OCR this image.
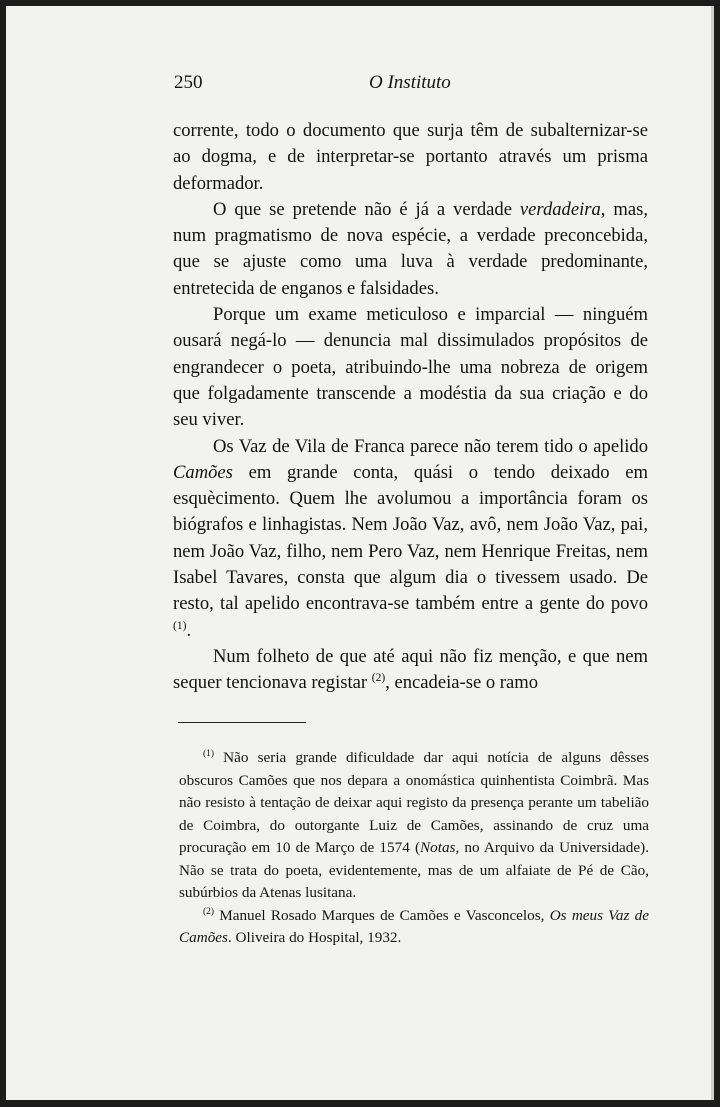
250	O Instituto

corrente, todo o documento que surja têm de subalternizar-se ao dogma, e de interpretar-se portanto através um prisma deformador.

O que se pretende não é já a verdade verdadeira, mas, num pragmatismo de nova espécie, a verdade preconcebida, que se ajuste como uma luva à verdade predominante, entretecida de enganos e falsidades.

Porque um exame meticuloso e imparcial — ninguém ousará negá-lo — denuncia mal dissimulados propósitos de engrandecer o poeta, atribuindo-lhe uma nobreza de origem que folgadamente transcende a modéstia da sua criação e do seu viver.

Os Vaz de Vila de Franca parece não terem tido o apelido Camões em grande conta, quási o tendo deixado em esquècimento. Quem lhe avolumou a importância foram os biógrafos e linhagistas. Nem João Vaz, avô, nem João Vaz, pai, nem João Vaz, filho, nem Pero Vaz, nem Henrique Freitas, nem Isabel Tavares, consta que algum dia o tivessem usado. De resto, tal apelido encontrava-se também entre a gente do povo $^{(1)}$.

Num folheto de que até aqui não fiz menção, e que nem sequer tencionava registar $^{(2)}$, encadeia-se o ramo

$^{(1)}$ Não seria grande dificuldade dar aqui notícia de alguns dêsses obscuros Camões que nos depara a onomástica quinhentista Coimbrã. Mas não resisto à tentação de deixar aqui registo da presença perante um tabelião de Coimbra, do outorgante Luiz de Camões, assinando de cruz uma procuração em 10 de Março de 1574 (Notas, no Arquivo da Universidade). Não se trata do poeta, evidentemente, mas de um alfaiate de Pé de Cão, subúrbios da Atenas lusitana.

$^{(2)}$ Manuel Rosado Marques de Camões e Vasconcelos, Os meus Vaz de Camões. Oliveira do Hospital, 1932.
